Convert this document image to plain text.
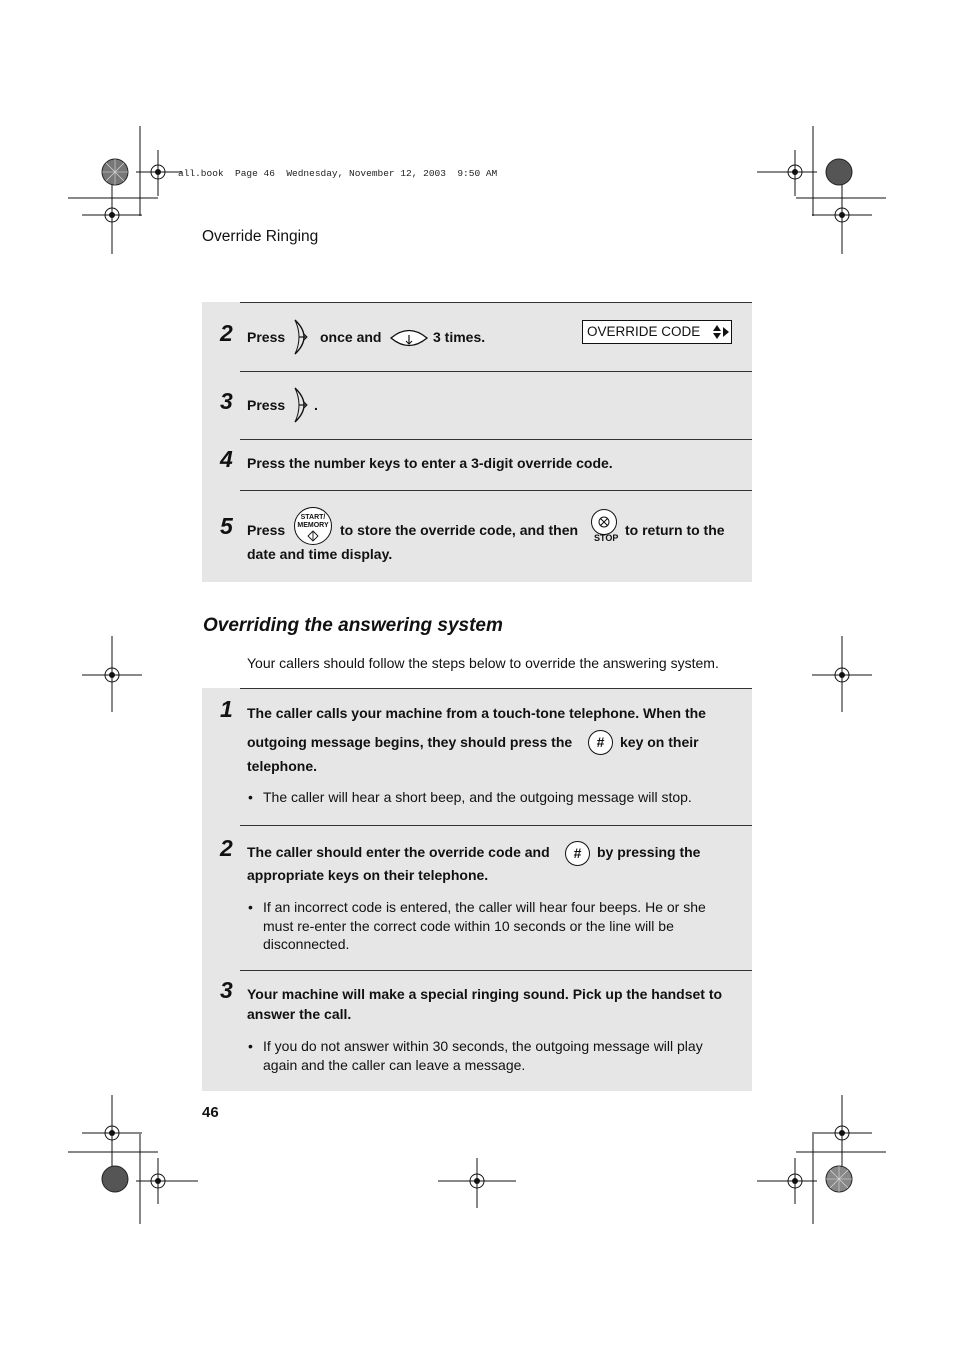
all.book  Page 46  Wednesday, November 12, 2003  9:50 AM
Override Ringing
2 Press once and	3 times.	OVERRIDE CODE
3 Press .
4 Press the number keys to enter a 3-digit override code.
5 Press
START/
MEMORY to store the override code, and then STOP to return to the
date and time display.
Overriding the answering system
Your callers should follow the steps below to override the answering system.
1 The caller calls your machine from a touch-tone telephone. When the
outgoing message begins, they should press the	#	key on their
telephone.
• The caller will hear a short beep, and the outgoing message will stop.
2 The caller should enter the override code and	#	by pressing the
appropriate keys on their telephone.
• If an incorrect code is entered, the caller will hear four beeps. He or she
must re-enter the correct code within 10 seconds or the line will be
disconnected.
3 Your machine will make a special ringing sound. Pick up the handset to
answer the call.
• If you do not answer within 30 seconds, the outgoing message will play
again and the caller can leave a message.
46
